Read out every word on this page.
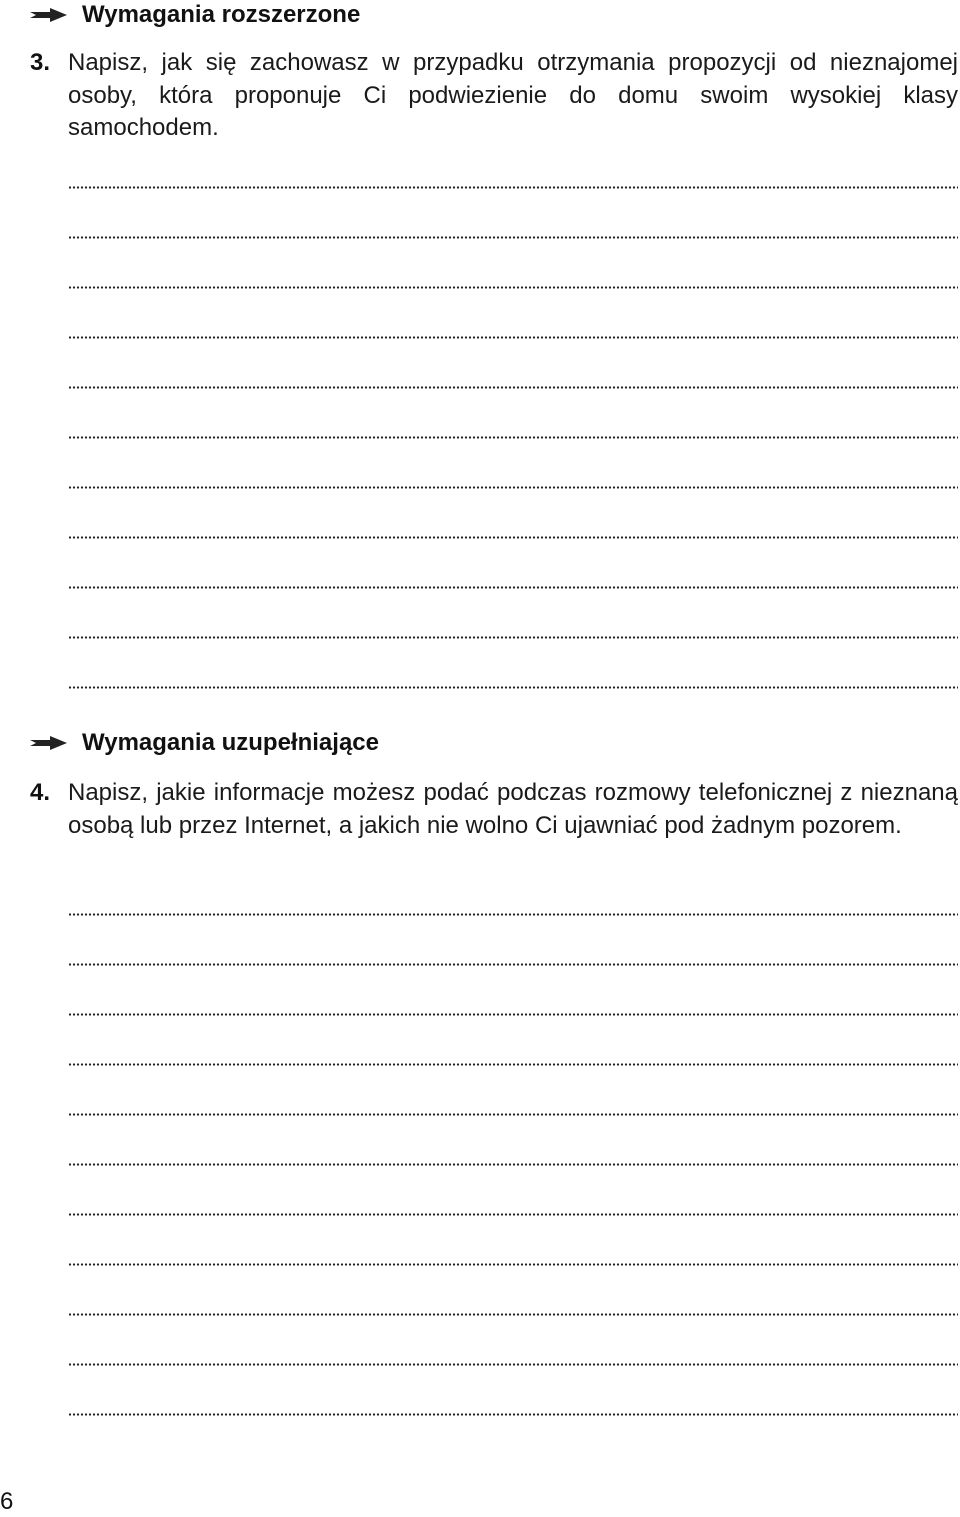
Wymagania rozszerzone
3. Napisz, jak się zachowasz w przypadku otrzymania propozycji od nieznajomej osoby, która proponuje Ci podwiezienie do domu swoim wysokiej klasy samochodem.
Wymagania uzupełniające
4. Napisz, jakie informacje możesz podać podczas rozmowy telefonicznej z nieznaną osobą lub przez Internet, a jakich nie wolno Ci ujawniać pod żadnym pozorem.
6
